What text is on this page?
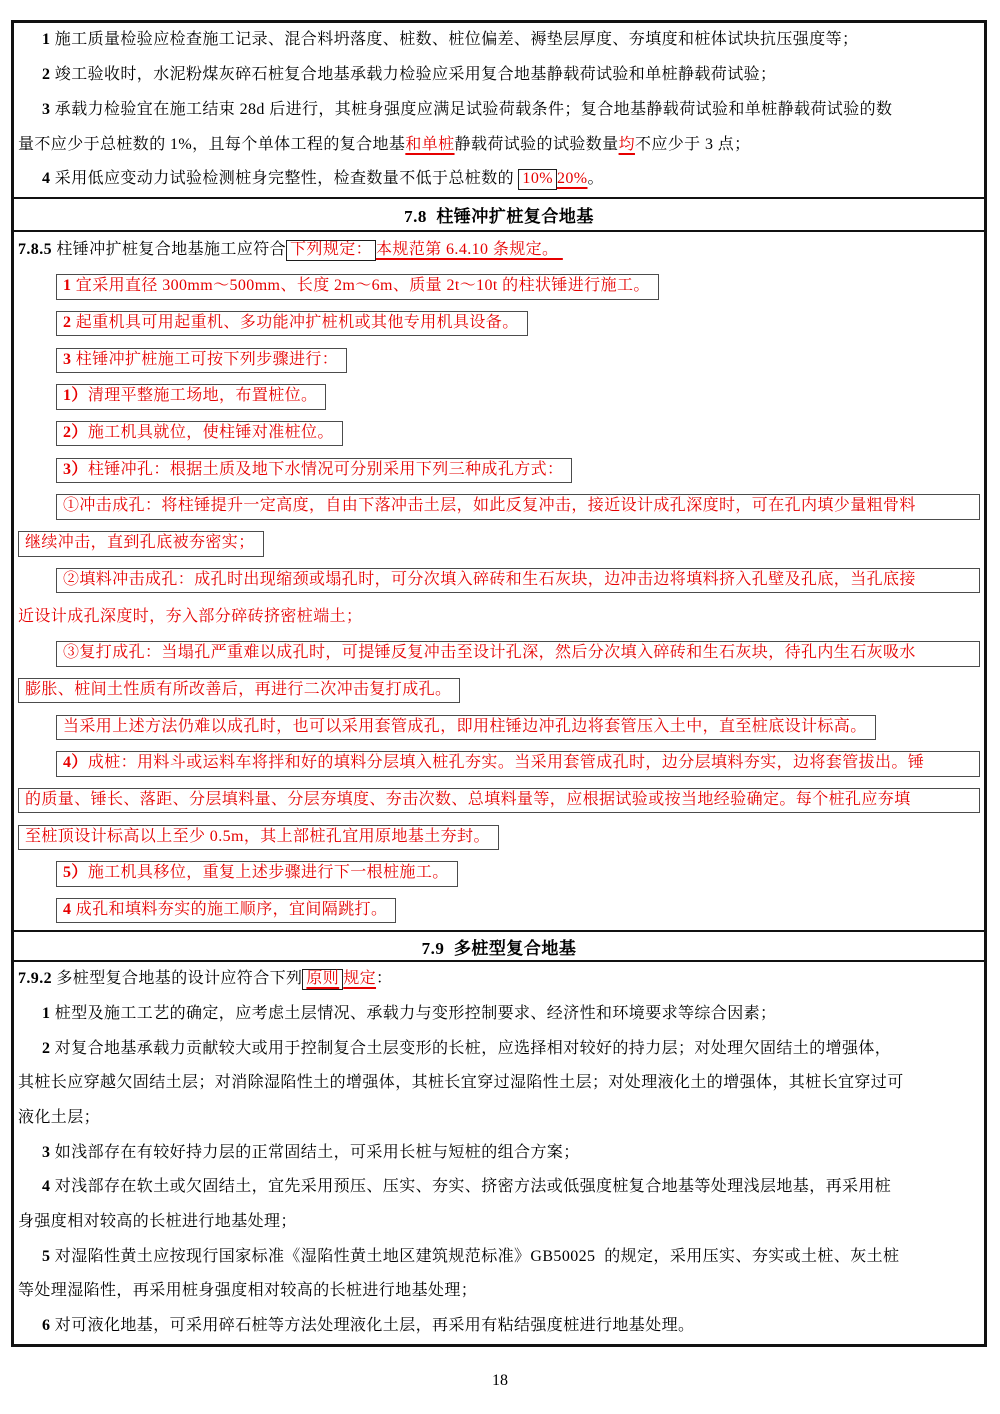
1 施工质量检验应检查施工记录、混合料坍落度、桩数、桩位偏差、褥垫层厚度、夯填度和桩体试块抗压强度等；
2 竣工验收时，水泥粉煤灰碎石桩复合地基承载力检验应采用复合地基静载荷试验和单桩静载荷试验；
3 承载力检验宜在施工结束 28d 后进行，其桩身强度应满足试验荷载条件；复合地基静载荷试验和单桩静载荷试验的数
量不应少于总桩数的 1%，且每个单体工程的复合地基 和单桩 静载荷试验的试验数量 均 不应少于 3 点；
4 采用低应变动力试验检测桩身完整性，检查数量不低于总桩数的 10% 20% 。
7.8  柱锤冲扩桩复合地基
7.8.5 柱锤冲扩桩复合地基施工应符合 下列规定： 本规范第 6.4.10 条规定。
1 宜采用直径 300mm～500mm、长度 2m～6m、质量 2t～10t 的柱状锤进行施工。
2 起重机具可用起重机、多功能冲扩桩机或其他专用机具设备。
3 柱锤冲扩桩施工可按下列步骤进行：
1） 清理平整施工场地，布置桩位。
2） 施工机具就位，使柱锤对准桩位。
3） 柱锤冲孔：根据土质及地下水情况可分别采用下列三种成孔方式：
①冲击成孔：将柱锤提升一定高度，自由下落冲击土层，如此反复冲击，接近设计成孔深度时，可在孔内填少量粗骨料
继续冲击，直到孔底被夯密实；
②填料冲击成孔：成孔时出现缩颈或塌孔时，可分次填入碎砖和生石灰块，边冲击边将填料挤入孔壁及孔底，当孔底接
近设计成孔深度时，夯入部分碎砖挤密桩端土；
③复打成孔：当塌孔严重难以成孔时，可提锤反复冲击至设计孔深，然后分次填入碎砖和生石灰块，待孔内生石灰吸水
膨胀、桩间土性质有所改善后，再进行二次冲击复打成孔。
当采用上述方法仍难以成孔时，也可以采用套管成孔，即用柱锤边冲孔边将套管压入土中，直至桩底设计标高。
4） 成桩：用料斗或运料车将拌和好的填料分层填入桩孔夯实。当采用套管成孔时，边分层填料夯实，边将套管拔出。锤
的质量、锤长、落距、分层填料量、分层夯填度、夯击次数、总填料量等，应根据试验或按当地经验确定。每个桩孔应夯填
至桩顶设计标高以上至少 0.5m，其上部桩孔宜用原地基土夯封。
5） 施工机具移位，重复上述步骤进行下一根桩施工。
4 成孔和填料夯实的施工顺序，宜间隔跳打。
7.9  多桩型复合地基
7.9.2 多桩型复合地基的设计应符合下列 原则 规定 ：
1 桩型及施工工艺的确定，应考虑土层情况、承载力与变形控制要求、经济性和环境要求等综合因素；
2 对复合地基承载力贡献较大或用于控制复合土层变形的长桩，应选择相对较好的持力层；对处理欠固结土的增强体，
其桩长应穿越欠固结土层；对消除湿陷性土的增强体，其桩长宜穿过湿陷性土层；对处理液化土的增强体，其桩长宜穿过可
液化土层；
3 如浅部存在有较好持力层的正常固结土，可采用长桩与短桩的组合方案；
4 对浅部存在软土或欠固结土，宜先采用预压、压实、夯实、挤密方法或低强度桩复合地基等处理浅层地基，再采用桩
身强度相对较高的长桩进行地基处理；
5 对湿陷性黄土应按现行国家标准《湿陷性黄土地区建筑规范标准》GB50025  的规定，采用压实、夯实或土桩、灰土桩
等处理湿陷性，再采用桩身强度相对较高的长桩进行地基处理；
6 对可液化地基，可采用碎石桩等方法处理液化土层，再采用有粘结强度桩进行地基处理。
18
